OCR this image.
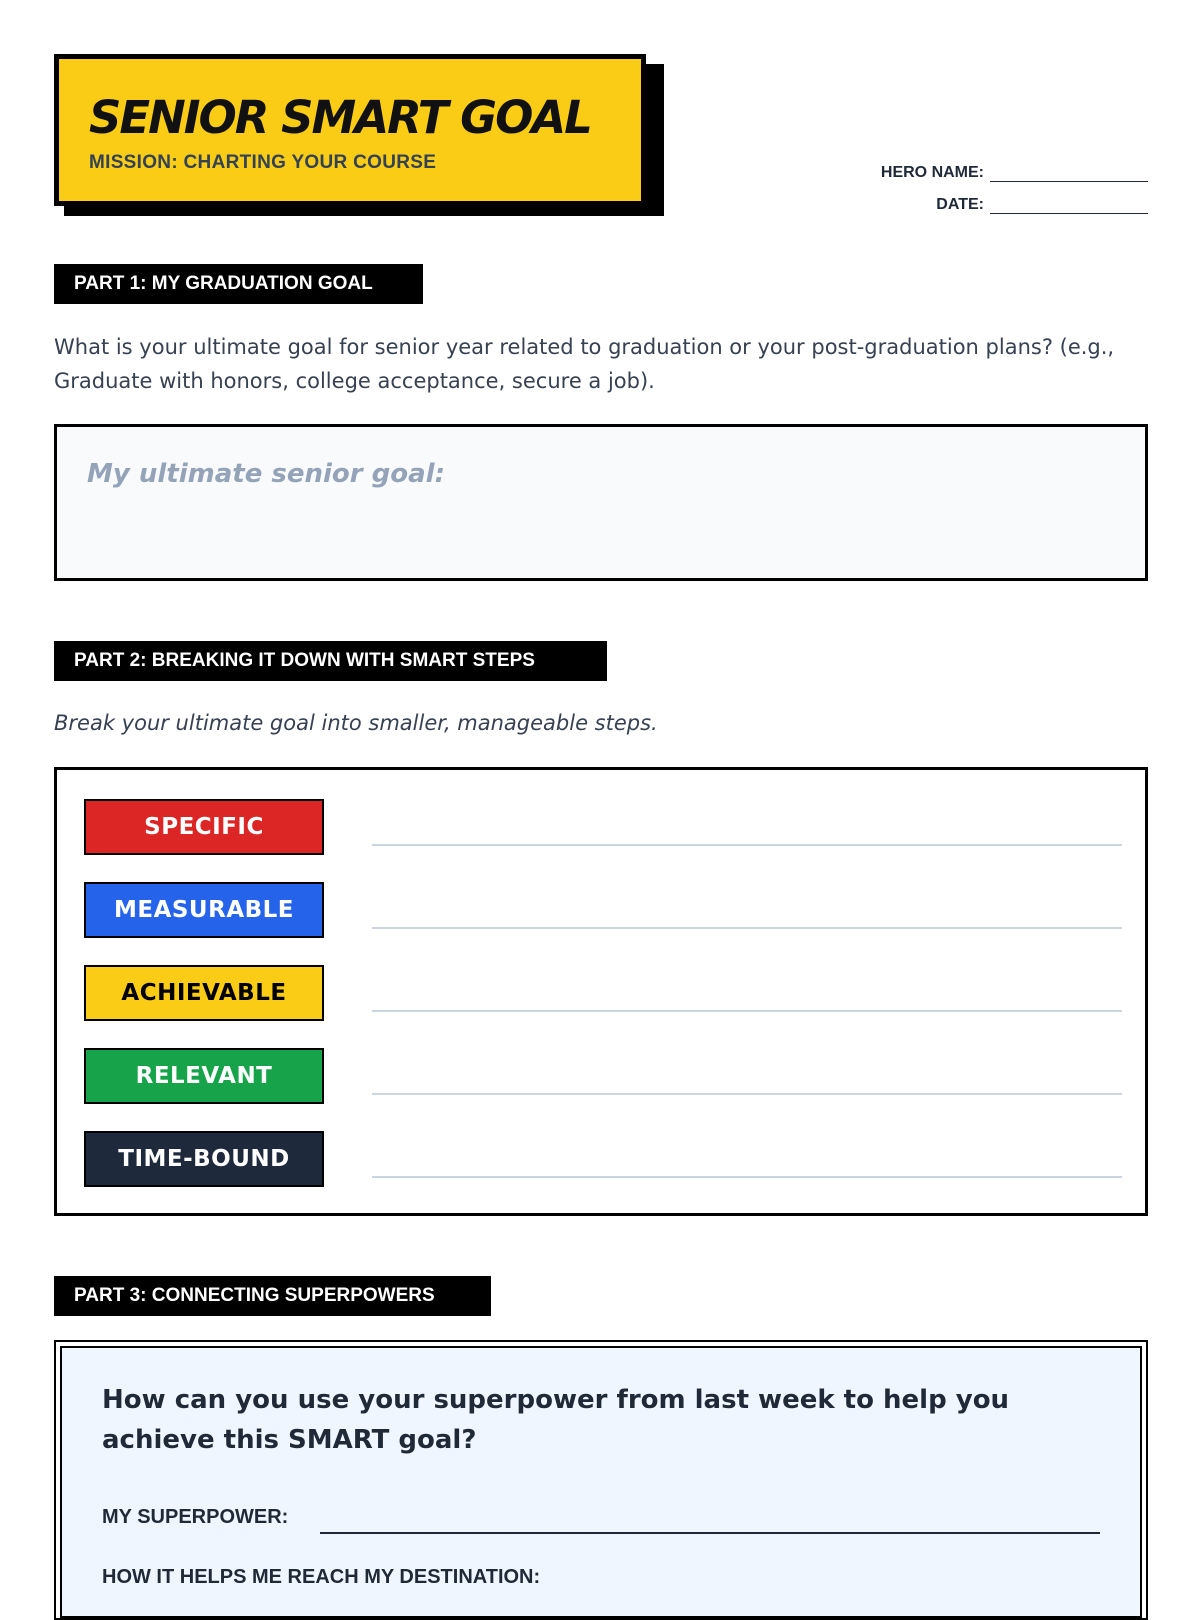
SENIOR SMART GOAL
MISSION: CHARTING YOUR COURSE	HERO NAME:
DATE:
PART 1: MY GRADUATION GOAL
What is your ultimate goal for senior year related to graduation or your post-graduation plans? (e.g., Graduate with honors, college acceptance, secure a job).
My ultimate senior goal:
PART 2: BREAKING IT DOWN WITH SMART STEPS
Break your ultimate goal into smaller, manageable steps.
SPECIFIC
MEASURABLE
ACHIEVABLE
RELEVANT
TIME-BOUND
PART 3: CONNECTING SUPERPOWERS
How can you use your superpower from last week to help you achieve this SMART goal?
MY SUPERPOWER:
HOW IT HELPS ME REACH MY DESTINATION:
